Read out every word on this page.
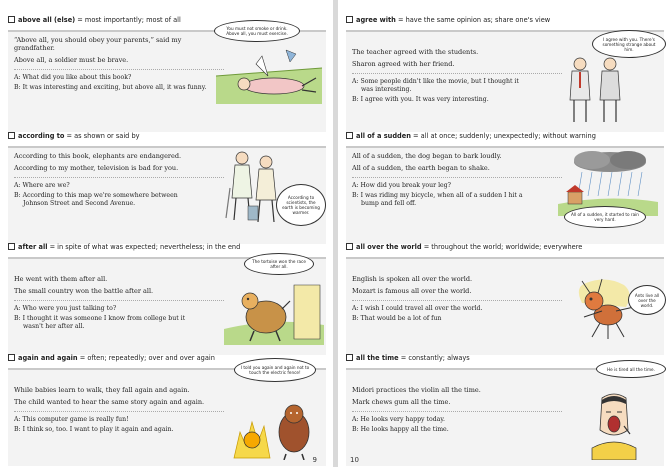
above all (else) = most importantly; most of all

“Above all, you should obey your parents,” said my grandfather.

Above all, a soldier must be brave.

A: What did you like about this book?

B: It was interesting and exciting, but above all, it was funny.

You must not smoke or drink. Above all, you must exercise.
according to = as shown or said by

According to this book, elephants are endangered.

According to my mother, television is bad for you.

A: Where are we?

B: According to this map we're somewhere between

Johnson Street and Second Avenue.

According to scientists, the earth is becoming warmer.
after all = in spite of what was expected; nevertheless; in the end

He went with them after all.

The small country won the battle after all.

A: Who were you just talking to?

B: I thought it was someone I know from college but it

wasn't her after all.

The tortoise won the race after all.
again and again = often; repeatedly; over and over again

While babies learn to walk, they fall again and again.

The child wanted to hear the same story again and again.

A: This computer game is really fun!

B: I think so, too. I want to play it again and again.

I told you again and again not to touch the electric fence!
9
agree with = have the same opinion as; share one's view

The teacher agreed with the students.

Sharon agreed with her friend.

A: Some people didn't like the movie, but I thought it

was interesting.

B: I agree with you. It was very interesting.

I agree with you. There's something strange about him.
all of a sudden = all at once; suddenly; unexpectedly; without warning

All of a sudden, the dog began to bark loudly.

All of a sudden, the earth began to shake.

A: How did you break your leg?

B: I was riding my bicycle, when all of a sudden I hit a

bump and fell off.

All of a sudden, it started to rain very hard.
all over the world = throughout the world; worldwide; everywhere

English is spoken all over the world.

Mozart is famous all over the world.

A: I wish I could travel all over the world.

B: That would be a lot of fun

Ants live all over the world.
all the time = constantly; always

Midori practices the violin all the time.

Mark chews gum all the time.

A: He looks very happy today.

B: He looks happy all the time.

He is tired all the time.
10
